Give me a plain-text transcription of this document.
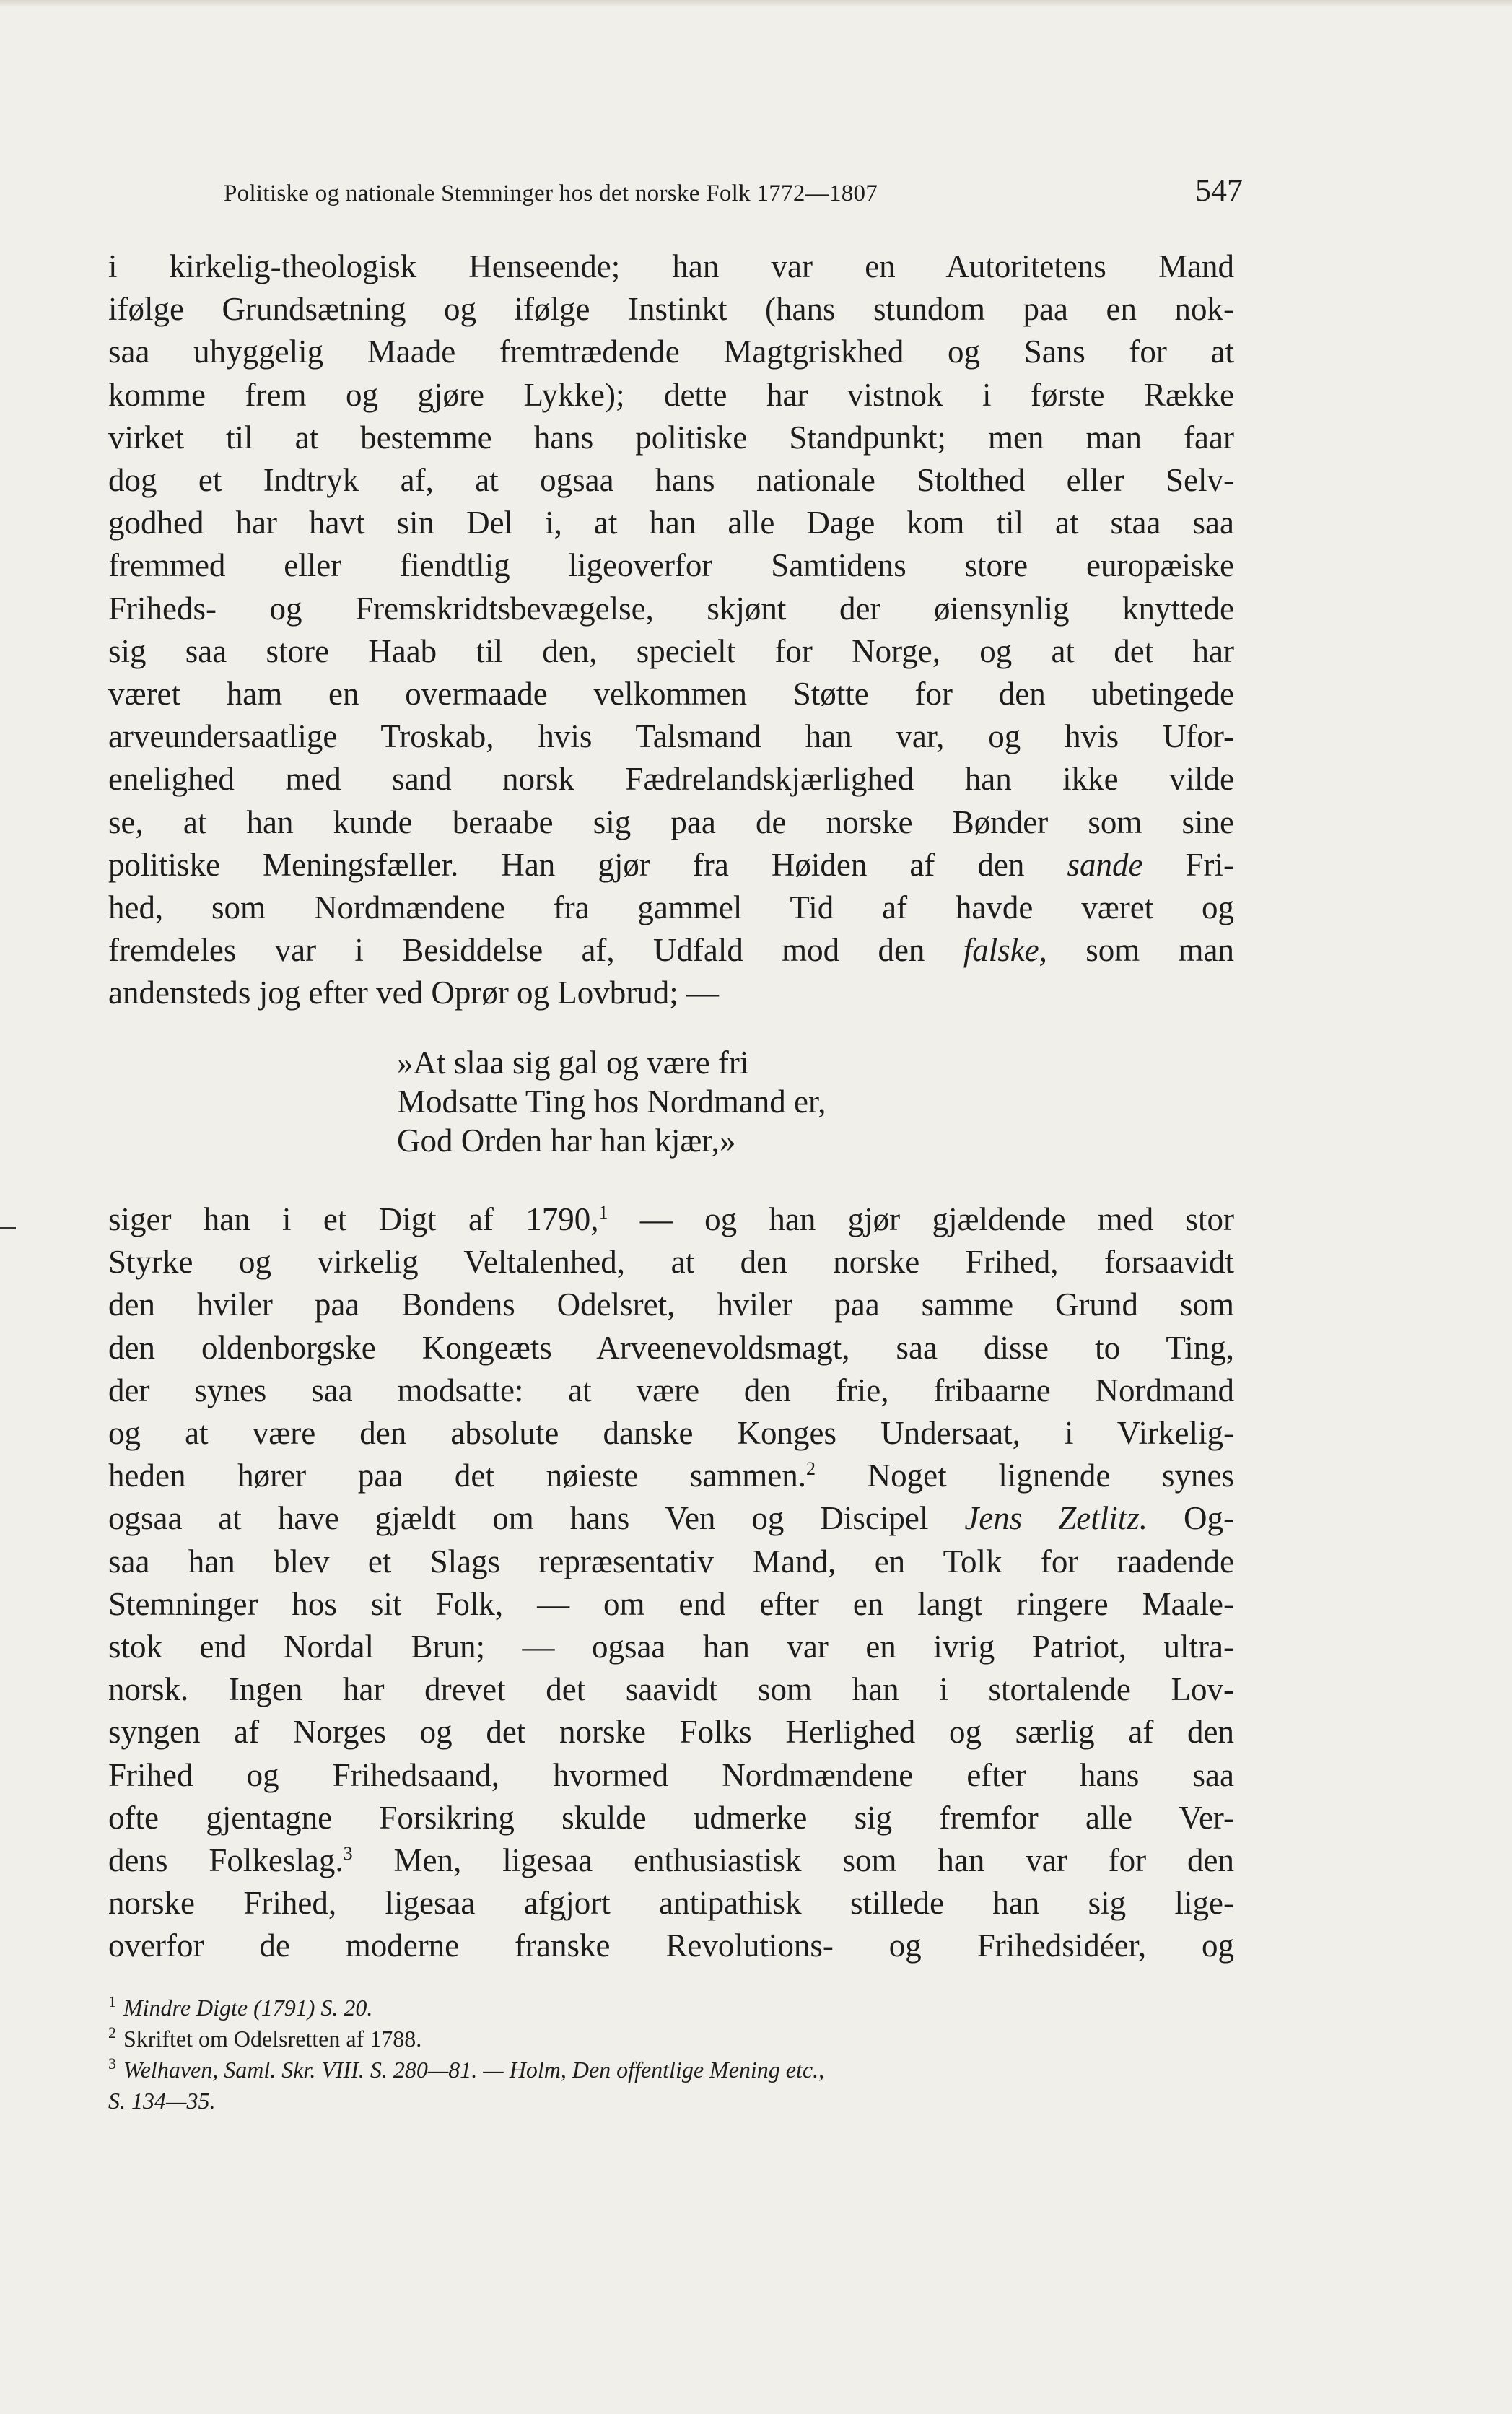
Politiske og nationale Stemninger hos det norske Folk 1772—1807	547
i kirkelig-theologisk Henseende; han var en Autoritetens Mand
ifølge Grundsætning og ifølge Instinkt (hans stundom paa en nok-
saa uhyggelig Maade fremtrædende Magtgriskhed og Sans for at
komme frem og gjøre Lykke); dette har vistnok i første Række
virket til at bestemme hans politiske Standpunkt; men man faar
dog et Indtryk af, at ogsaa hans nationale Stolthed eller Selv-
godhed har havt sin Del i, at han alle Dage kom til at staa saa
fremmed eller fiendtlig ligeoverfor Samtidens store europæiske
Friheds- og Fremskridtsbevægelse, skjønt der øiensynlig knyttede
sig saa store Haab til den, specielt for Norge, og at det har
været ham en overmaade velkommen Støtte for den ubetingede
arveundersaatlige Troskab, hvis Talsmand han var, og hvis Ufor-
enelighed med sand norsk Fædrelandskjærlighed han ikke vilde
se, at han kunde beraabe sig paa de norske Bønder som sine
politiske Meningsfæller. Han gjør fra Høiden af den sande Fri-
hed, som Nordmændene fra gammel Tid af havde været og
fremdeles var i Besiddelse af, Udfald mod den falske, som man
andensteds jog efter ved Oprør og Lovbrud; —
»At slaa sig gal og være fri
Modsatte Ting hos Nordmand er,
God Orden har han kjær,»
siger han i et Digt af 1790,$^1$ — og han gjør gjældende med stor
Styrke og virkelig Veltalenhed, at den norske Frihed, forsaavidt
den hviler paa Bondens Odelsret, hviler paa samme Grund som
den oldenborgske Kongeæts Arveenevoldsmagt, saa disse to Ting,
der synes saa modsatte: at være den frie, fribaarne Nordmand
og at være den absolute danske Konges Undersaat, i Virkelig-
heden hører paa det nøieste sammen.$^2$ Noget lignende synes
ogsaa at have gjældt om hans Ven og Discipel Jens Zetlitz. Og-
saa han blev et Slags repræsentativ Mand, en Tolk for raadende
Stemninger hos sit Folk, — om end efter en langt ringere Maale-
stok end Nordal Brun; — ogsaa han var en ivrig Patriot, ultra-
norsk. Ingen har drevet det saavidt som han i stortalende Lov-
syngen af Norges og det norske Folks Herlighed og særlig af den
Frihed og Frihedsaand, hvormed Nordmændene efter hans saa
ofte gjentagne Forsikring skulde udmerke sig fremfor alle Ver-
dens Folkeslag.$^3$ Men, ligesaa enthusiastisk som han var for den
norske Frihed, ligesaa afgjort antipathisk stillede han sig lige-
overfor de moderne franske Revolutions- og Frihedsidéer, og
$^1$ Mindre Digte (1791) S. 20.
$^2$ Skriftet om Odelsretten af 1788.
$^3$ Welhaven, Saml. Skr. VIII. S. 280—81. — Holm, Den offentlige Mening etc.,
S. 134—35.
